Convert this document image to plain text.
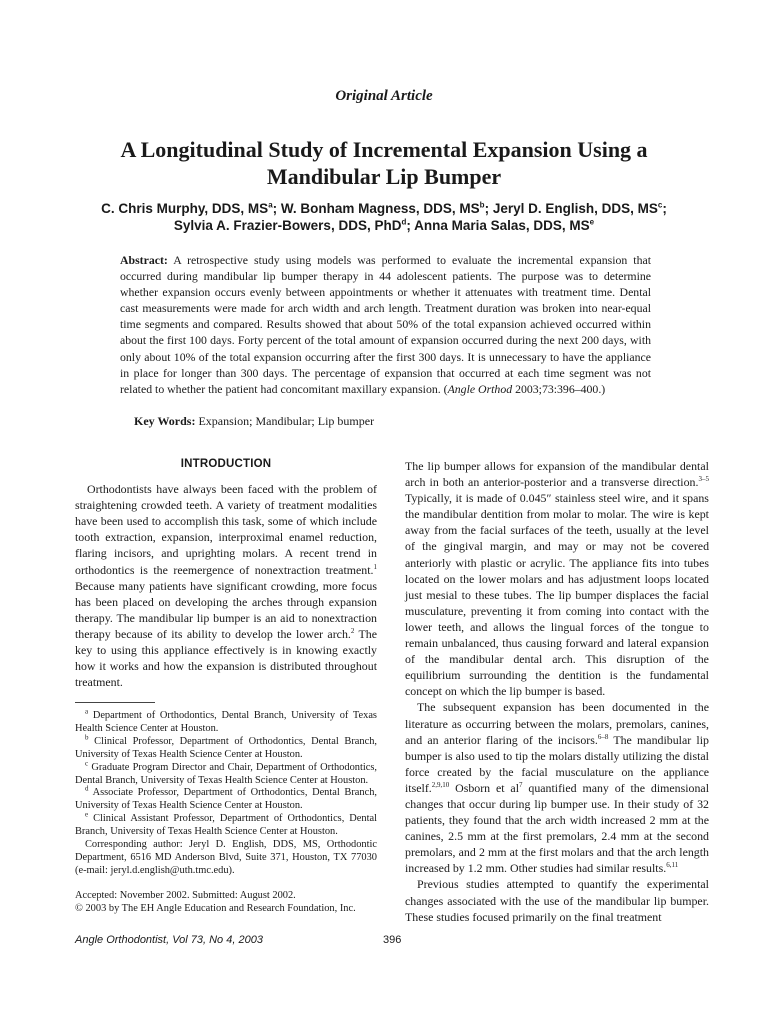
Original Article
A Longitudinal Study of Incremental Expansion Using a
Mandibular Lip Bumper
C. Chris Murphy, DDS, $MS^a$; W. Bonham Magness, DDS, $MS^b$; Jeryl D. English, DDS, $MS^c$;
Sylvia A. Frazier-Bowers, DDS, PhD$^d$; Anna Maria Salas, DDS, $MS^e$

Abstract: A retrospective study using models was performed to evaluate the incremental expansion that occurred during mandibular lip bumper therapy in 44 adolescent patients. The purpose was to determine whether expansion occurs evenly between appointments or whether it attenuates with treatment time. Dental cast measurements were made for arch width and arch length. Treatment duration was broken into near-equal time segments and compared. Results showed that about 50% of the total expansion achieved occurred within about the first 100 days. Forty percent of the total amount of expansion occurred during the next 200 days, with only about 10% of the total expansion occurring after the first 300 days. It is unnecessary to have the appliance in place for longer than 300 days. The percentage of expansion that occurred at each time segment was not related to whether the patient had concomitant maxillary expansion. (Angle Orthod 2003;73:396–400.)

Key Words: Expansion; Mandibular; Lip bumper
INTRODUCTION

Orthodontists have always been faced with the problem of straightening crowded teeth. A variety of treatment modalities have been used to accomplish this task, some of which include tooth extraction, expansion, interproximal enamel reduction, flaring incisors, and uprighting molars. A recent trend in orthodontics is the reemergence of nonextraction treatment.$^1$ Because many patients have significant crowding, more focus has been placed on developing the arches through expansion therapy. The mandibular lip bumper is an aid to nonextraction therapy because of its ability to develop the lower arch.$^2$ The key to using this appliance effectively is in knowing exactly how it works and how the expansion is distributed throughout treatment.

$^a$ Department of Orthodontics, Dental Branch, University of Texas Health Science Center at Houston.

$^b$ Clinical Professor, Department of Orthodontics, Dental Branch, University of Texas Health Science Center at Houston.

$^c$ Graduate Program Director and Chair, Department of Orthodontics, Dental Branch, University of Texas Health Science Center at Houston.

$^d$ Associate Professor, Department of Orthodontics, Dental Branch, University of Texas Health Science Center at Houston.

$^e$ Clinical Assistant Professor, Department of Orthodontics, Dental Branch, University of Texas Health Science Center at Houston.

Corresponding author: Jeryl D. English, DDS, MS, Orthodontic Department, 6516 MD Anderson Blvd, Suite 371, Houston, TX 77030 (e-mail: jeryl.d.english@uth.tmc.edu).

Accepted: November 2002. Submitted: August 2002.

© 2003 by The EH Angle Education and Research Foundation, Inc.

The lip bumper allows for expansion of the mandibular dental arch in both an anterior-posterior and a transverse direction.$^{3-5}$ Typically, it is made of 0.045″ stainless steel wire, and it spans the mandibular dentition from molar to molar. The wire is kept away from the facial surfaces of the teeth, usually at the level of the gingival margin, and may or may not be covered anteriorly with plastic or acrylic. The appliance fits into tubes located on the lower molars and has adjustment loops located just mesial to these tubes. The lip bumper displaces the facial musculature, preventing it from coming into contact with the lower teeth, and allows the lingual forces of the tongue to remain unbalanced, thus causing forward and lateral expansion of the mandibular dental arch. This disruption of the equilibrium surrounding the dentition is the fundamental concept on which the lip bumper is based.

The subsequent expansion has been documented in the literature as occurring between the molars, premolars, canines, and an anterior flaring of the incisors.$^{6-8}$ The mandibular lip bumper is also used to tip the molars distally utilizing the distal force created by the facial musculature on the appliance itself.$^{2,9,10}$ Osborn et $al^7$ quantified many of the dimensional changes that occur during lip bumper use. In their study of 32 patients, they found that the arch width increased 2 mm at the canines, 2.5 mm at the first premolars, 2.4 mm at the second premolars, and 2 mm at the first molars and that the arch length increased by 1.2 mm. Other studies had similar results.$^{6,11}$

Previous studies attempted to quantify the experimental changes associated with the use of the mandibular lip bumper. These studies focused primarily on the final treatment

Angle Orthodontist, Vol 73, No 4, 2003	396
